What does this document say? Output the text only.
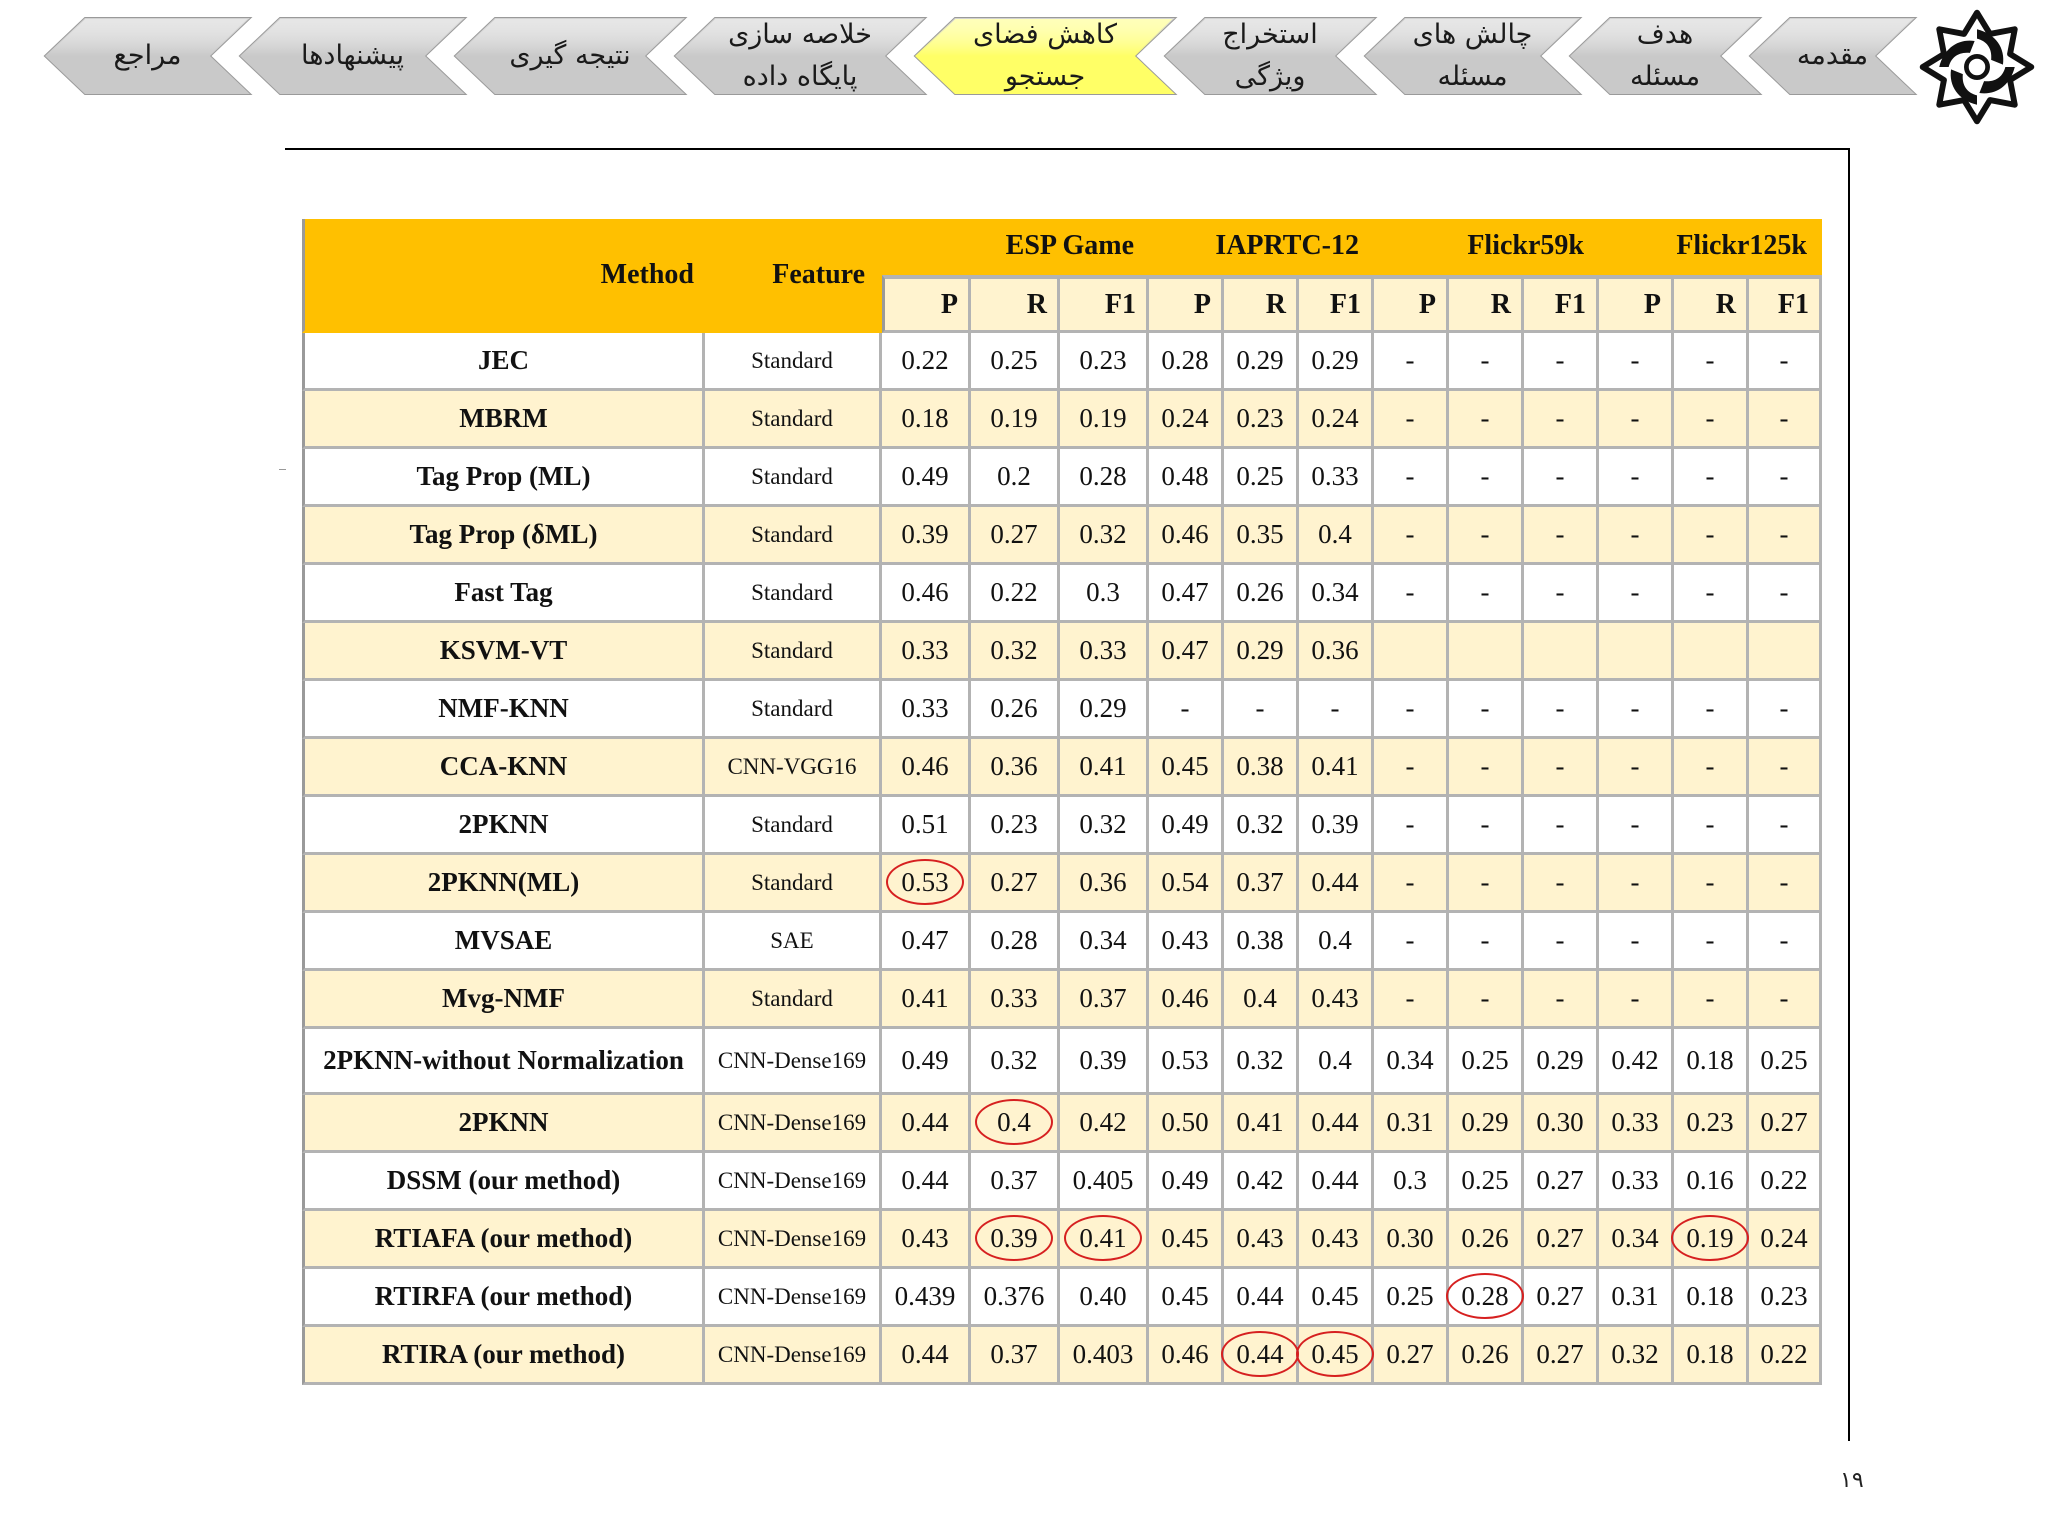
مراجع	پیشنهادها	نتیجه گیری
خلاصه سازی
پایگاه داده
کاهش فضای
جستجو
استخراج
ویژگی
چالش های
مسئله
هدف
مسئله
مقدمه
Method	Feature	ESP Game			IAPRTC-12			Flickr59k			Flickr125k		
		P	R	F1	P	R	F1	P	R	F1	P	R	F1
JEC	Standard	0.22	0.25	0.23	0.28	0.29	0.29	-	-	-	-	-	-
MBRM	Standard	0.18	0.19	0.19	0.24	0.23	0.24	-	-	-	-	-	-
Tag Prop (ML)	Standard	0.49	0.2	0.28	0.48	0.25	0.33	-	-	-	-	-	-
Tag Prop (δML)	Standard	0.39	0.27	0.32	0.46	0.35	0.4	-	-	-	-	-	-
Fast Tag	Standard	0.46	0.22	0.3	0.47	0.26	0.34	-	-	-	-	-	-
KSVM-VT	Standard	0.33	0.32	0.33	0.47	0.29	0.36						
NMF-KNN	Standard	0.33	0.26	0.29	-	-	-	-	-	-	-	-	-
CCA-KNN	CNN-VGG16	0.46	0.36	0.41	0.45	0.38	0.41	-	-	-	-	-	-
2PKNN	Standard	0.51	0.23	0.32	0.49	0.32	0.39	-	-	-	-	-	-
2PKNN(ML)	Standard	0.53	0.27	0.36	0.54	0.37	0.44	-	-	-	-	-	-
MVSAE	SAE	0.47	0.28	0.34	0.43	0.38	0.4	-	-	-	-	-	-
Mvg-NMF	Standard	0.41	0.33	0.37	0.46	0.4	0.43	-	-	-	-	-	-
2PKNN-without Normalization	CNN-Dense169	0.49	0.32	0.39	0.53	0.32	0.4	0.34	0.25	0.29	0.42	0.18	0.25
2PKNN	CNN-Dense169	0.44	0.4	0.42	0.50	0.41	0.44	0.31	0.29	0.30	0.33	0.23	0.27
DSSM (our method)	CNN-Dense169	0.44	0.37	0.405	0.49	0.42	0.44	0.3	0.25	0.27	0.33	0.16	0.22
RTIAFA (our method)	CNN-Dense169	0.43	0.39	0.41	0.45	0.43	0.43	0.30	0.26	0.27	0.34	0.19	0.24
RTIRFA (our method)	CNN-Dense169	0.439	0.376	0.40	0.45	0.44	0.45	0.25	0.28	0.27	0.31	0.18	0.23
RTIRA (our method)	CNN-Dense169	0.44	0.37	0.403	0.46	0.44	0.45	0.27	0.26	0.27	0.32	0.18	0.22
۱۹
